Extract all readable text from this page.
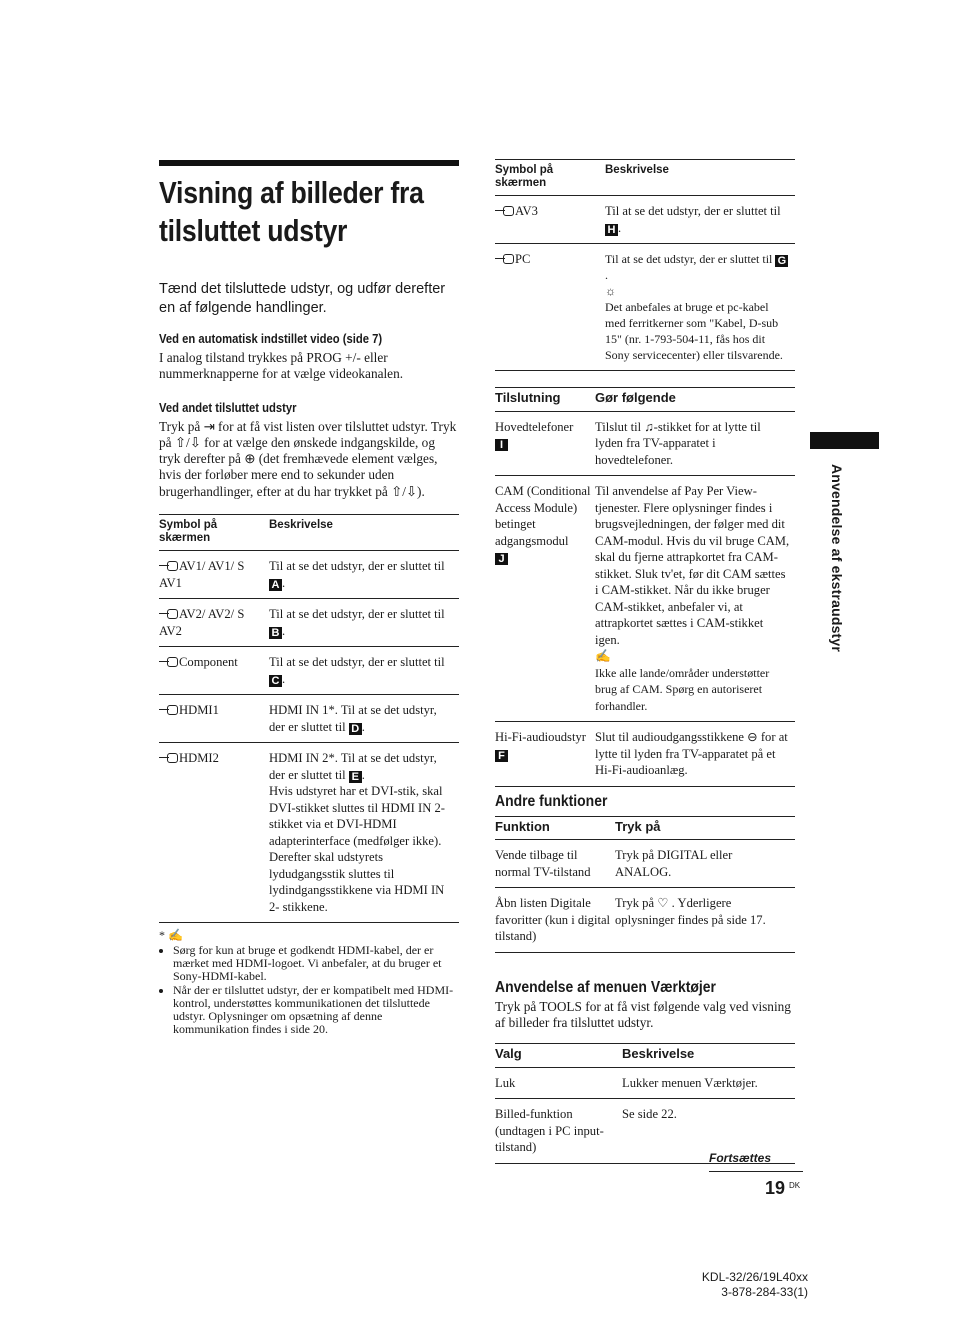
Visning af billeder fra tilsluttet udstyr
Tænd det tilsluttede udstyr, og udfør derefter en af følgende handlinger.
Ved en automatisk indstillet video (side 7)
I analog tilstand trykkes på PROG +/- eller nummerknapperne for at vælge videokanalen.
Ved andet tilsluttet udstyr
Tryk på ⇥ for at få vist listen over tilsluttet udstyr. Tryk på ⇧/⇩ for at vælge den ønskede indgangskilde, og tryk derefter på ⊕ (det fremhævede element vælges, hvis der forløber mere end to sekunder uden brugerhandlinger, efter at du har trykket på ⇧/⇩).
Symbol på skærmen	Beskrivelse
AV1/ AV1/ S AV1	Til at se det udstyr, der er sluttet til A .
AV2/ AV2/ S AV2	Til at se det udstyr, der er sluttet til B .
Component	Til at se det udstyr, der er sluttet til C .
HDMI1	HDMI IN 1*. Til at se det udstyr, der er sluttet til D .
HDMI2	HDMI IN 2*. Til at se det udstyr, der er sluttet til E .
Hvis udstyret har et DVI-stik, skal DVI-stikket sluttes til HDMI IN 2-stikket via et DVI-HDMI adapterinterface (medfølger ikke). Derefter skal udstyrets lydudgangsstik sluttes til lydindgangsstikkene via HDMI IN 2- stikkene.
* ✍
• Sørg for kun at bruge et godkendt HDMI-kabel, der er mærket med HDMI-logoet. Vi anbefaler, at du bruger et Sony-HDMI-kabel.
• Når der er tilsluttet udstyr, der er kompatibelt med HDMI-kontrol, understøttes kommunikationen det tilsluttede udstyr. Oplysninger om opsætning af denne kommunikation findes i side 20.
Symbol på skærmen	Beskrivelse
AV3	Til at se det udstyr, der er sluttet til H .
PC	Til at se det udstyr, der er sluttet til G.
☼
Det anbefales at bruge et pc-kabel med ferritkerner som "Kabel, D-sub 15" (nr. 1-793-504-11, fås hos dit Sony servicecenter) eller tilsvarende.
Tilslutning	Gør følgende
Hovedtelefoner
I	Tilslut til ♫-stikket for at lytte til lyden fra TV-apparatet i hovedtelefoner.
CAM (Conditional Access Module) betinget adgangsmodul
J	Til anvendelse af Pay Per View-tjenester. Flere oplysninger findes i brugsvejledningen, der følger med dit CAM-modul. Hvis du vil bruge CAM, skal du fjerne attrapkortet fra CAM-stikket. Sluk tv'et, før dit CAM sættes i CAM-stikket. Når du ikke bruger CAM-stikket, anbefaler vi, at attrapkortet sættes i CAM-stikket igen.
✍
Ikke alle lande/områder understøtter brug af CAM. Spørg en autoriseret forhandler.
Hi-Fi-audioudstyr F	Slut til audioudgangsstikkene ⊖ for at lytte til lyden fra TV-apparatet på et Hi-Fi-audioanlæg.
Andre funktioner
Funktion	Tryk på
Vende tilbage til normal TV-tilstand	Tryk på DIGITAL eller ANALOG.
Åbn listen Digitale favoritter (kun i digital tilstand)	Tryk på ♡ . Yderligere oplysninger findes på side 17.
Anvendelse af menuen Værktøjer
Tryk på TOOLS for at få vist følgende valg ved visning af billeder fra tilsluttet udstyr.
Valg	Beskrivelse
Luk	Lukker menuen Værktøjer.
Billed-funktion (undtagen i PC input-tilstand)	Se side 22.
Anvendelse af ekstraudstyr
Fortsættes
19 $^{DK}$
KDL-32/26/19L40xx
3-878-284-33(1)
